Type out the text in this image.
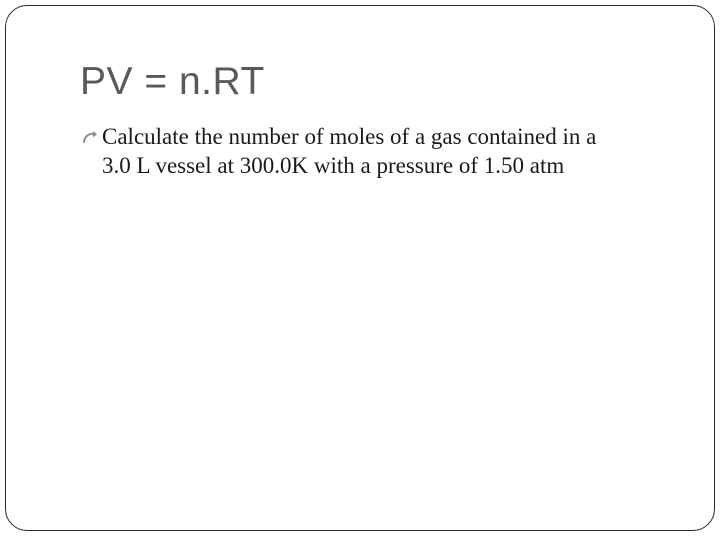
PV = n.RT
Calculate the number of moles of a gas contained in a
3.0 L vessel at 300.0K with a pressure of 1.50 atm
